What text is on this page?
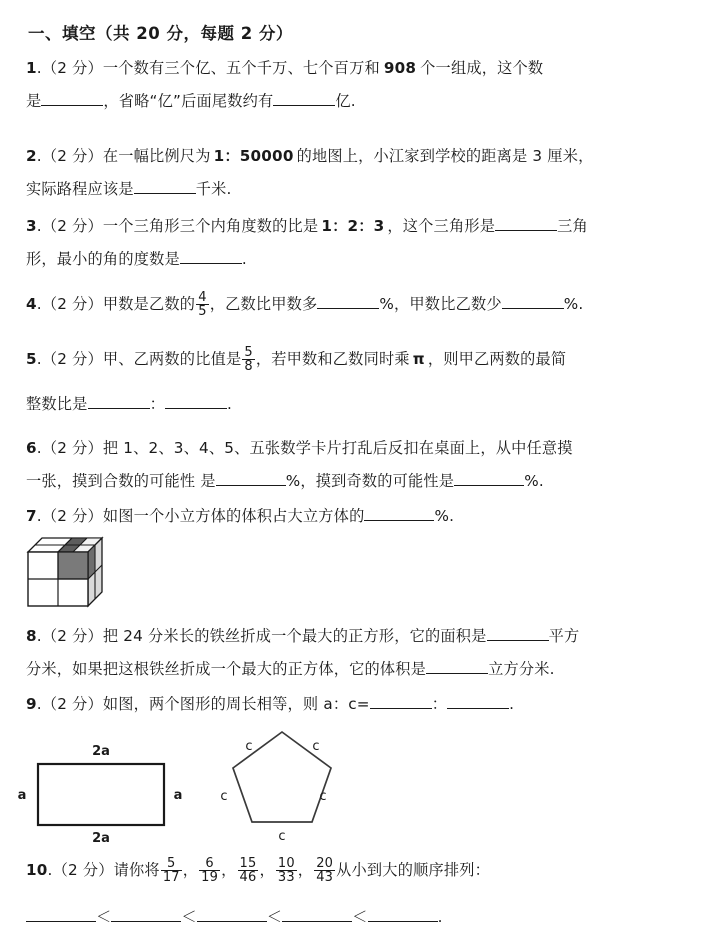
一、填空（共 20 分，每题 2 分）
1.（2 分）一个数有三个亿、五个千万、七个百万和 908 个一组成，这个数
是	，省略“亿”后面尾数约有	亿.
2.（2 分）在一幅比例尺为 1：50000 的地图上，小江家到学校的距离是 3 厘米，
实际路程应该是	千米.
3.（2 分）一个三角形三个内角度数的比是 1：2：3 ，这个三角形是	三角
形，最小的角的度数是	.
4.（2 分）甲数是乙数的 $\frac{4}{5}$ ，乙数比甲数多	%，甲数比乙数少	%.
5.（2 分）甲、乙两数的比值是 $\frac{5}{8}$ ，若甲数和乙数同时乘 π ，则甲乙两数的最简
整数比是	：	.
6.（2 分）把 1、2、3、4、5、五张数学卡片打乱后反扣在桌面上，从中任意摸
一张，摸到合数的可能性 是	%，摸到奇数的可能性是	%.
7.（2 分）如图一个小立方体的体积占大立方体的	%.
8.（2 分）把 24 分米长的铁丝折成一个最大的正方形，它的面积是	平方
分米，如果把这根铁丝折成一个最大的正方体，它的体积是	立方分米.
9.（2 分）如图，两个图形的周长相等，则 a：c=	：	.
2a
2a
a	a
c	c
c	c
c
10.（2 分）请你将 $\frac{5}{17}$ ， $\frac{6}{19}$ ， $\frac{15}{46}$ ， $\frac{10}{33}$ ， $\frac{20}{43}$ 从小到大的顺序排列：
＜	＜	＜	＜	.
